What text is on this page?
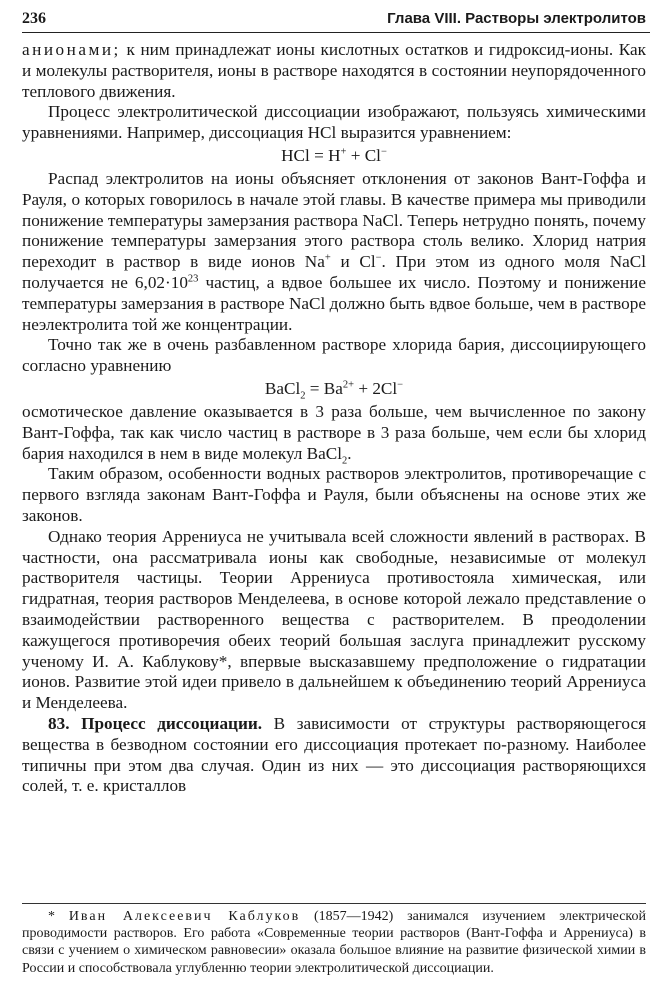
236	Глава VIII. Растворы электролитов

анионами; к ним принадлежат ионы кислотных остатков и гидроксид-ионы. Как и молекулы растворителя, ионы в растворе находятся в состоянии неупорядоченного теплового движения.

Процесс электролитической диссоциации изображают, пользуясь химическими уравнениями. Например, диссоциация HCl выразится уравнением:

HCl = H+ + Cl−

Распад электролитов на ионы объясняет отклонения от законов Вант-Гоффа и Рауля, о которых говорилось в начале этой главы. В качестве примера мы приводили понижение температуры замерзания раствора NaCl. Теперь нетрудно понять, почему понижение температуры замерзания этого раствора столь велико. Хлорид натрия переходит в раствор в виде ионов Na+ и Cl−. При этом из одного моля NaCl получается не $6,02\cdot 10^{23}$ частиц, а вдвое большее их число. Поэтому и понижение температуры замерзания в растворе NaCl должно быть вдвое больше, чем в растворе неэлектролита той же концентрации.

Точно так же в очень разбавленном растворе хлорида бария, диссоциирующего согласно уравнению

BaCl$_2$ = $Ba^{2+} + 2Cl^-$

осмотическое давление оказывается в 3 раза больше, чем вычисленное по закону Вант-Гоффа, так как число частиц в растворе в 3 раза больше, чем если бы хлорид бария находился в нем в виде молекул BaCl$_2$.

Таким образом, особенности водных растворов электролитов, противоречащие с первого взгляда законам Вант-Гоффа и Рауля, были объяснены на основе этих же законов.

Однако теория Аррениуса не учитывала всей сложности явлений в растворах. В частности, она рассматривала ионы как свободные, независимые от молекул растворителя частицы. Теории Аррениуса противостояла химическая, или гидратная, теория растворов Менделеева, в основе которой лежало представление о взаимодействии растворенного вещества с растворителем. В преодолении кажущегося противоречия обеих теорий большая заслуга принадлежит русскому ученому И. А. Каблукову*, впервые высказавшему предположение о гидратации ионов. Развитие этой идеи привело в дальнейшем к объединению теорий Аррениуса и Менделеева.

83. Процесс диссоциации. В зависимости от структуры растворяющегося вещества в безводном состоянии его диссоциация протекает по-разному. Наиболее типичны при этом два случая. Один из них — это диссоциация растворяющихся солей, т. е. кристаллов

* Иван Алексеевич Каблуков (1857—1942) занимался изучением электрической проводимости растворов. Его работа «Современные теории растворов (Вант-Гоффа и Аррениуса) в связи с учением о химическом равновесии» оказала большое влияние на развитие физической химии в России и способствовала углубленню теории электролитической диссоциации.
